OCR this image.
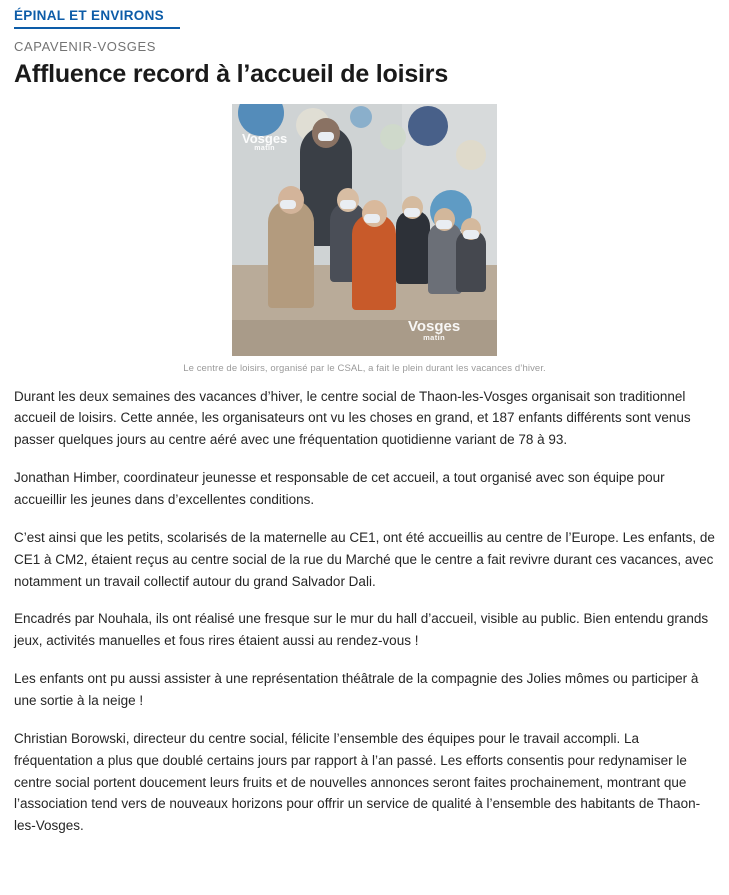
ÉPINAL ET ENVIRONS
CAPAVENIR-VOSGES
Affluence record à l’accueil de loisirs
Vosges
matin
Vosges
matin
Le centre de loisirs, organisé par le CSAL, a fait le plein durant les vacances d’hiver.

Durant les deux semaines des vacances d’hiver, le centre social de Thaon-les-Vosges organisait son traditionnel accueil de loisirs. Cette année, les organisateurs ont vu les choses en grand, et 187 enfants différents sont venus passer quelques jours au centre aéré avec une fréquentation quotidienne variant de 78 à 93.

Jonathan Himber, coordinateur jeunesse et responsable de cet accueil, a tout organisé avec son équipe pour accueillir les jeunes dans d’excellentes conditions.

C’est ainsi que les petits, scolarisés de la maternelle au CE1, ont été accueillis au centre de l’Europe. Les enfants, de CE1 à CM2, étaient reçus au centre social de la rue du Marché que le centre a fait revivre durant ces vacances, avec notamment un travail collectif autour du grand Salvador Dali.

Encadrés par Nouhala, ils ont réalisé une fresque sur le mur du hall d’accueil, visible au public. Bien entendu grands jeux, activités manuelles et fous rires étaient aussi au rendez-vous !

Les enfants ont pu aussi assister à une représentation théâtrale de la compagnie des Jolies mômes ou participer à une sortie à la neige !

Christian Borowski, directeur du centre social, félicite l’ensemble des équipes pour le travail accompli. La fréquentation a plus que doublé certains jours par rapport à l’an passé. Les efforts consentis pour redynamiser le centre social portent doucement leurs fruits et de nouvelles annonces seront faites prochainement, montrant que l’association tend vers de nouveaux horizons pour offrir un service de qualité à l’ensemble des habitants de Thaon-les-Vosges.
